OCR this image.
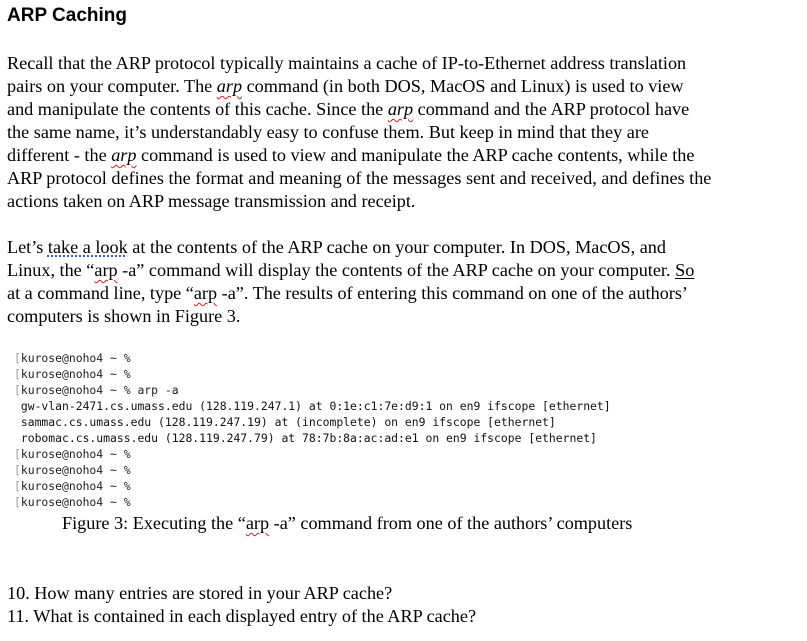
ARP Caching

Recall that the ARP protocol typically maintains a cache of IP-to-Ethernet address translation
pairs on your computer. The arp command (in both DOS, MacOS and Linux) is used to view
and manipulate the contents of this cache. Since the arp command and the ARP protocol have
the same name, it’s understandably easy to confuse them. But keep in mind that they are
different - the arp command is used to view and manipulate the ARP cache contents, while the
ARP protocol defines the format and meaning of the messages sent and received, and defines the
actions taken on ARP message transmission and receipt.

Let’s take a look at the contents of the ARP cache on your computer. In DOS, MacOS, and
Linux, the “arp -a” command will display the contents of the ARP cache on your computer. So
at a command line, type “arp -a”. The results of entering this command on one of the authors’
computers is shown in Figure 3.

[kurose@noho4 ~ %
[kurose@noho4 ~ %
[kurose@noho4 ~ % arp -a
gw-vlan-2471.cs.umass.edu (128.119.247.1) at 0:1e:c1:7e:d9:1 on en9 ifscope [ethernet]
sammac.cs.umass.edu (128.119.247.19) at (incomplete) on en9 ifscope [ethernet]
robomac.cs.umass.edu (128.119.247.79) at 78:7b:8a:ac:ad:e1 on en9 ifscope [ethernet]
[kurose@noho4 ~ %
[kurose@noho4 ~ %
[kurose@noho4 ~ %
[kurose@noho4 ~ %
Figure 3: Executing the “arp -a” command from one of the authors’ computers
10. How many entries are stored in your ARP cache?
11. What is contained in each displayed entry of the ARP cache?
